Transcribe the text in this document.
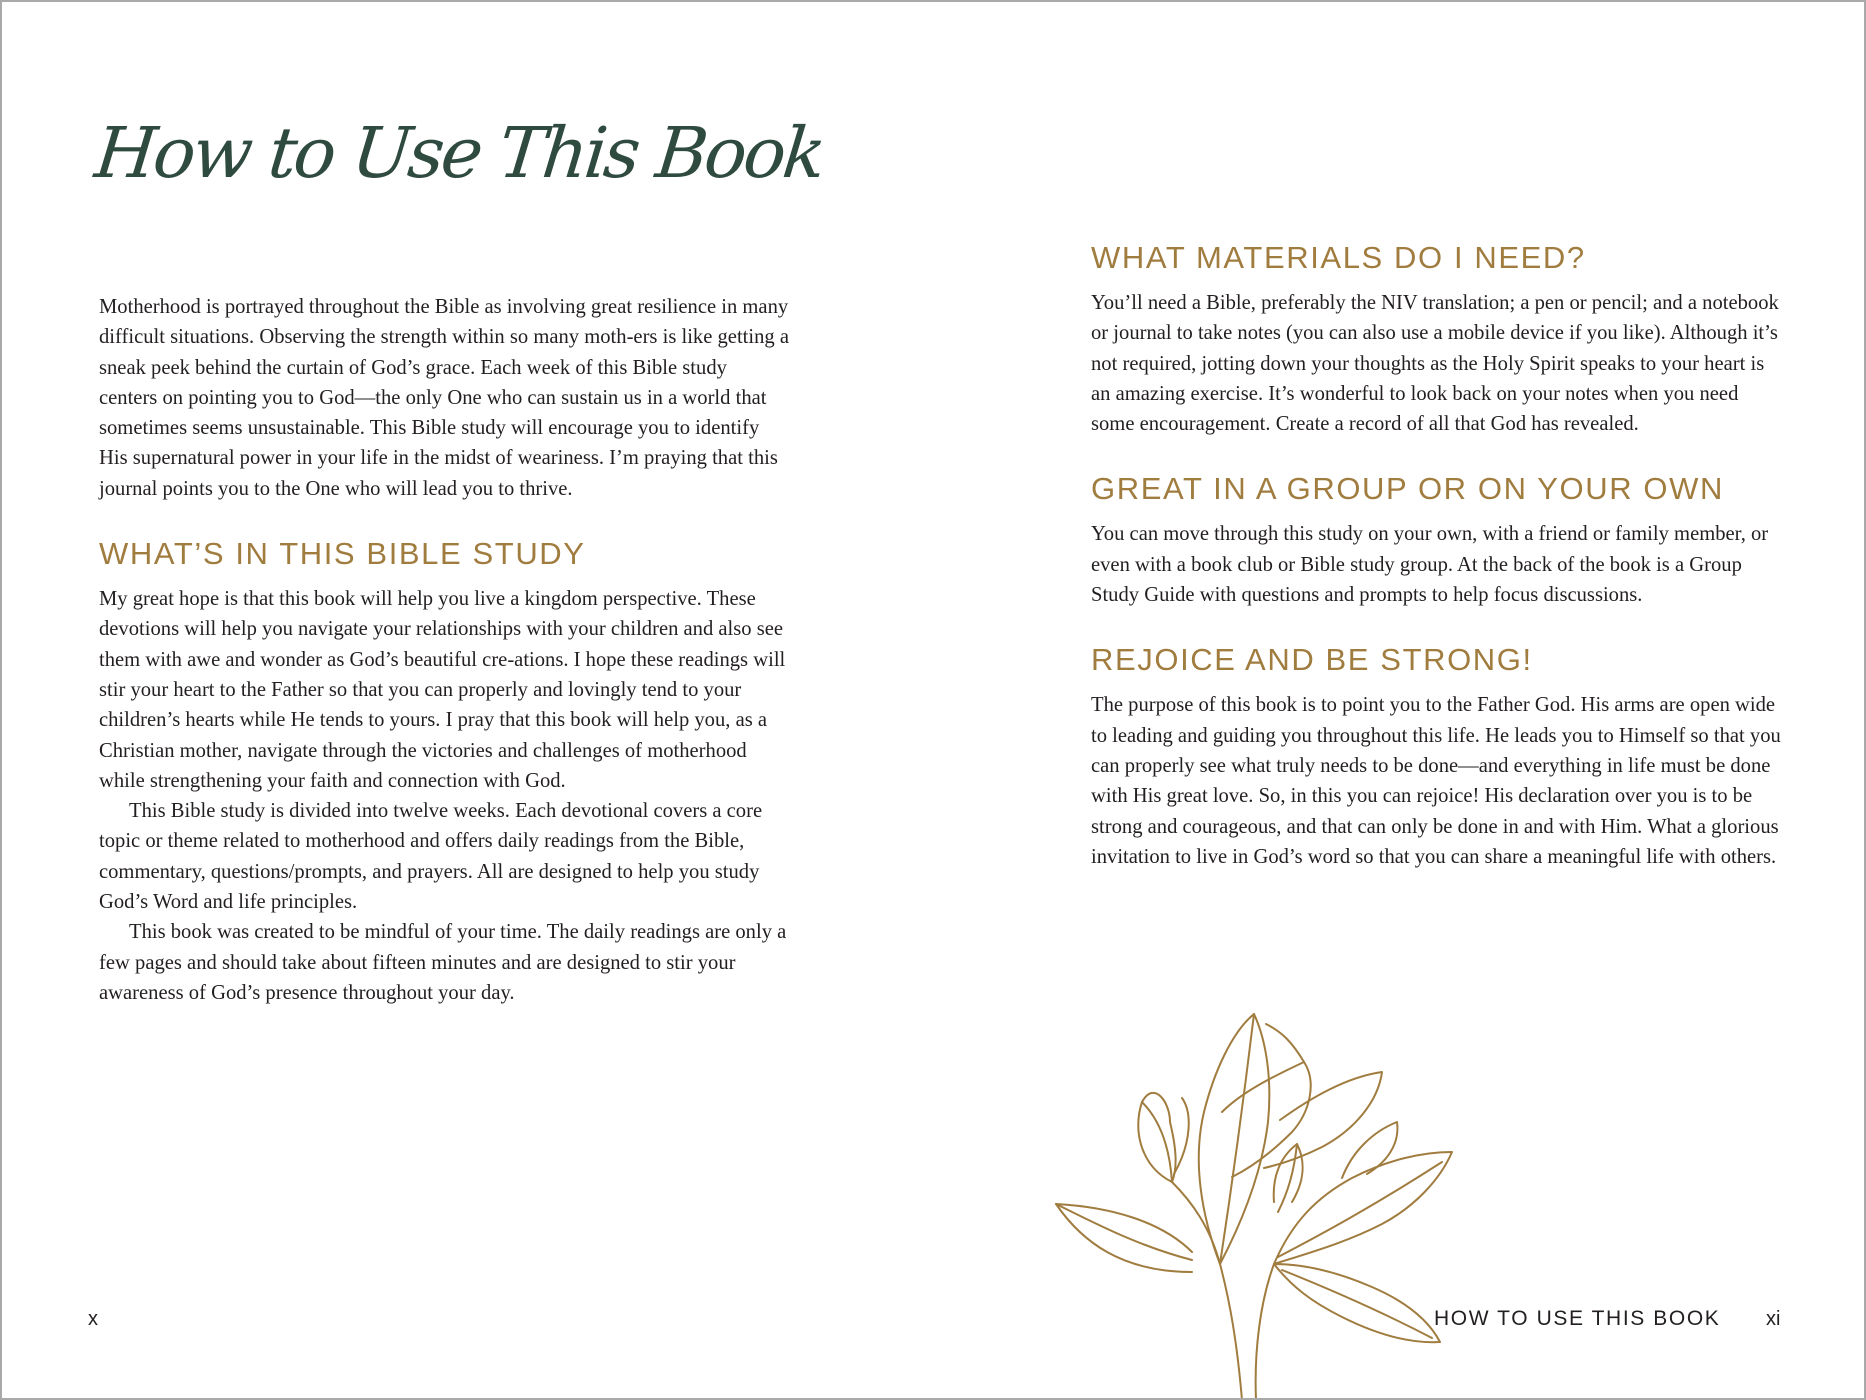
How to Use This Book

Motherhood is portrayed throughout the Bible as involving great resilience in many difficult situations. Observing the strength within so many moth-ers is like getting a sneak peek behind the curtain of God’s grace. Each week of this Bible study centers on pointing you to God—the only One who can sustain us in a world that sometimes seems unsustainable. This Bible study will encourage you to identify His supernatural power in your life in the midst of weariness. I’m praying that this journal points you to the One who will lead you to thrive.

WHAT’S IN THIS BIBLE STUDY

My great hope is that this book will help you live a kingdom perspective. These devotions will help you navigate your relationships with your children and also see them with awe and wonder as God’s beautiful cre-ations. I hope these readings will stir your heart to the Father so that you can properly and lovingly tend to your children’s hearts while He tends to yours. I pray that this book will help you, as a Christian mother, navigate through the victories and challenges of motherhood while strengthening your faith and connection with God.

This Bible study is divided into twelve weeks. Each devotional covers a core topic or theme related to motherhood and offers daily readings from the Bible, commentary, questions/prompts, and prayers. All are designed to help you study God’s Word and life principles.

This book was created to be mindful of your time. The daily readings are only a few pages and should take about fifteen minutes and are designed to stir your awareness of God’s presence throughout your day.

WHAT MATERIALS DO I NEED?

You’ll need a Bible, preferably the NIV translation; a pen or pencil; and a notebook or journal to take notes (you can also use a mobile device if you like). Although it’s not required, jotting down your thoughts as the Holy Spirit speaks to your heart is an amazing exercise. It’s wonderful to look back on your notes when you need some encouragement. Create a record of all that God has revealed.

GREAT IN A GROUP OR ON YOUR OWN

You can move through this study on your own, with a friend or family member, or even with a book club or Bible study group. At the back of the book is a Group Study Guide with questions and prompts to help focus discussions.

REJOICE AND BE STRONG!

The purpose of this book is to point you to the Father God. His arms are open wide to leading and guiding you throughout this life. He leads you to Himself so that you can properly see what truly needs to be done—and everything in life must be done with His great love. So, in this you can rejoice! His declaration over you is to be strong and courageous, and that can only be done in and with Him. What a glorious invitation to live in God’s word so that you can share a meaningful life with others.

x	HOW TO USE THIS BOOK xi
